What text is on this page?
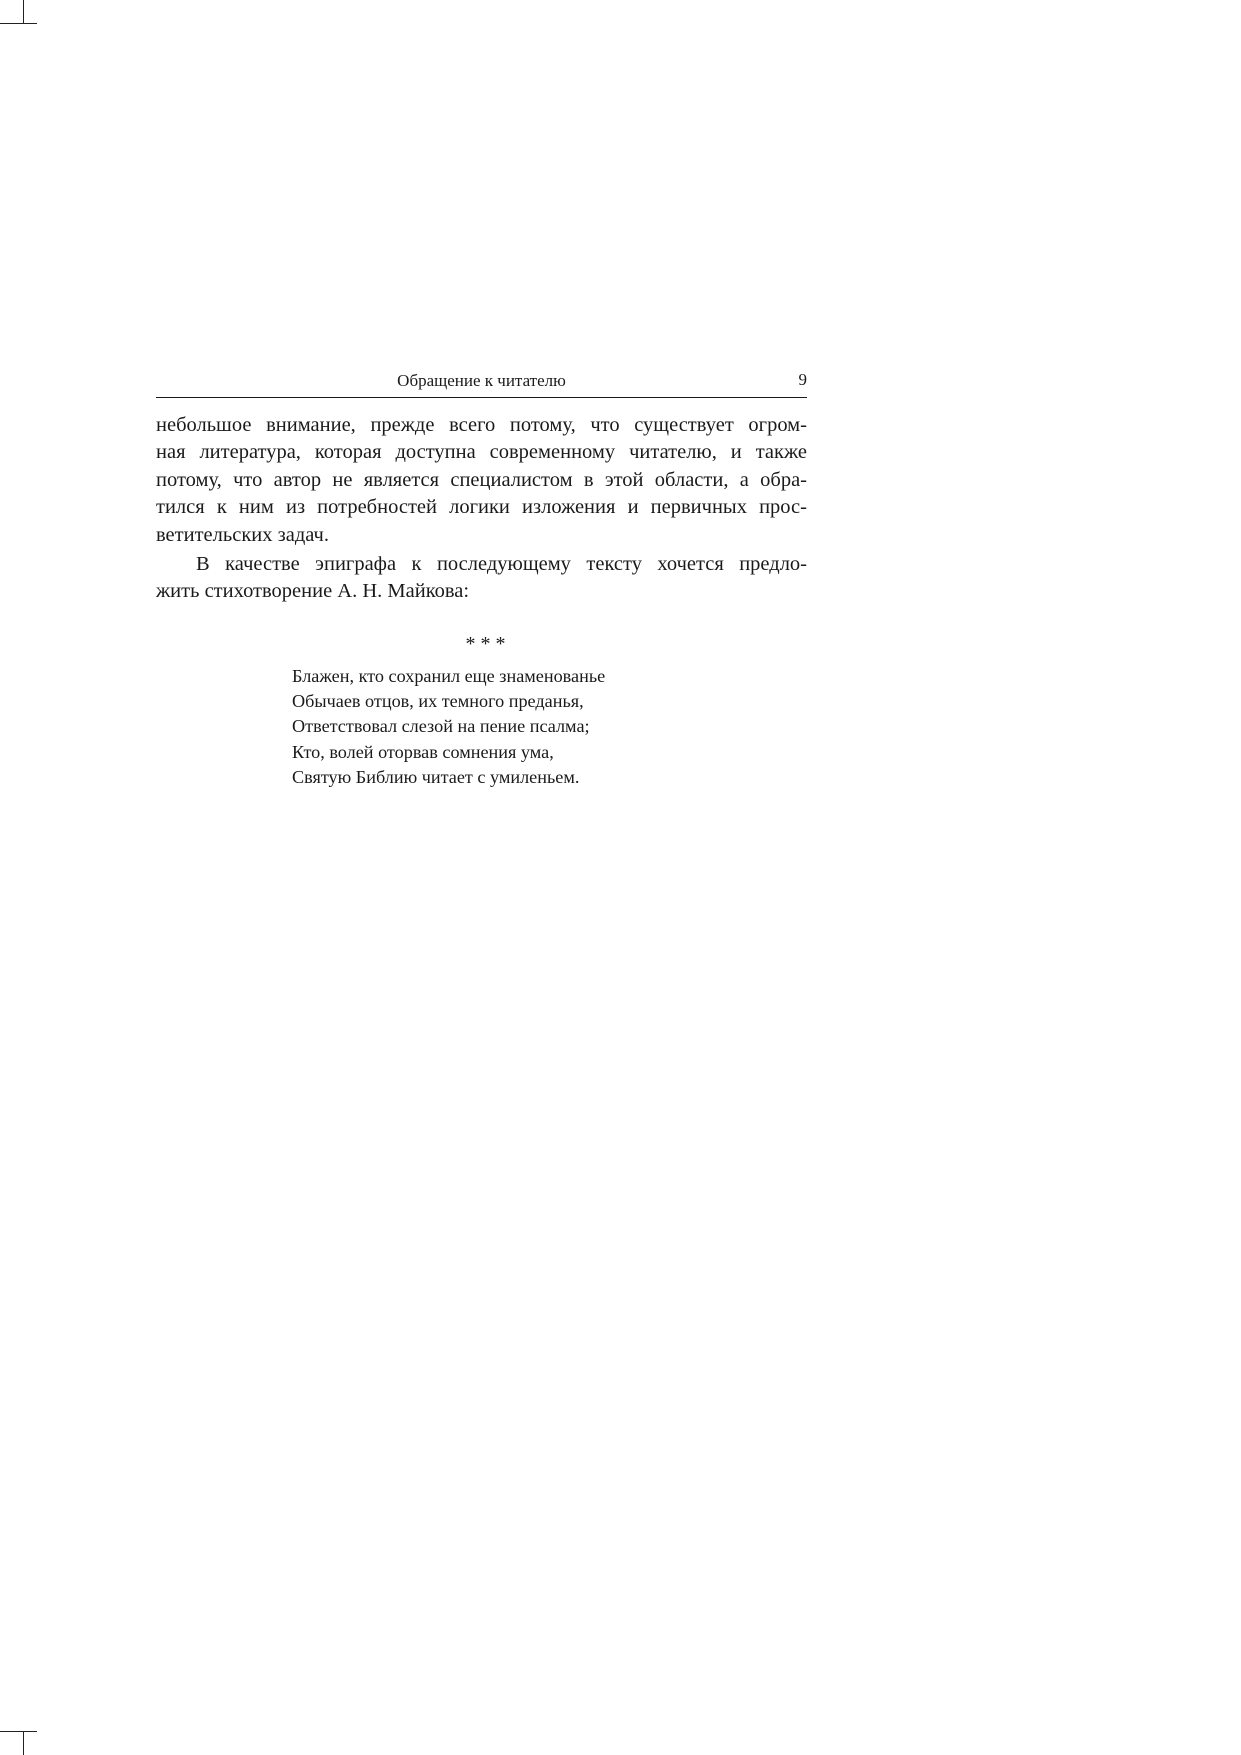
Обращение к читателю	9
небольшое внимание, прежде всего потому, что существует огром-
ная литература, которая доступна современному читателю, и также
потому, что автор не является специалистом в этой области, а обра-
тился к ним из потребностей логики изложения и первичных прос-
ветительских задач.
В качестве эпиграфа к последующему тексту хочется предло-
жить стихотворение А. Н. Майкова:
* * *
Блажен, кто сохранил еще знаменованье
Обычаев отцов, их темного преданья,
Ответствовал слезой на пение псалма;
Кто, волей оторвав сомнения ума,
Святую Библию читает с умиленьем.
